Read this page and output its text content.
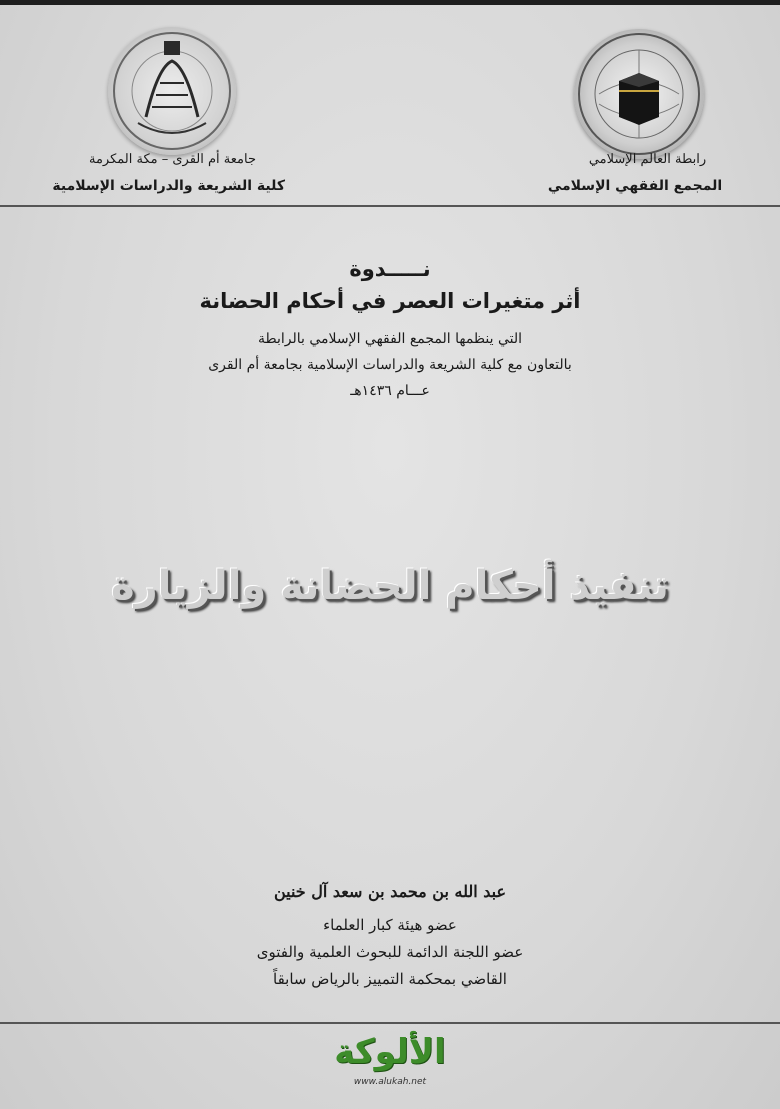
رابطة العالم الإسلامي
المجمع الفقهي الإسلامي
جامعة أم القرى – مكة المكرمة
كلية الشريعة والدراسات الإسلامية
نـــــدوة
أثر متغيرات العصر في أحكام الحضانة
التي ينظمها المجمع الفقهي الإسلامي بالرابطة
بالتعاون مع كلية الشريعة والدراسات الإسلامية بجامعة أم القرى
عـــام ١٤٣٦هـ
تنفيذ أحكام الحضانة والزيارة
عبد الله بن محمد بن سعد آل خنين
عضو هيئة كبار العلماء
عضو اللجنة الدائمة للبحوث العلمية والفتوى
القاضي بمحكمة التمييز بالرياض سابقاً
الألوكة
www.alukah.net
